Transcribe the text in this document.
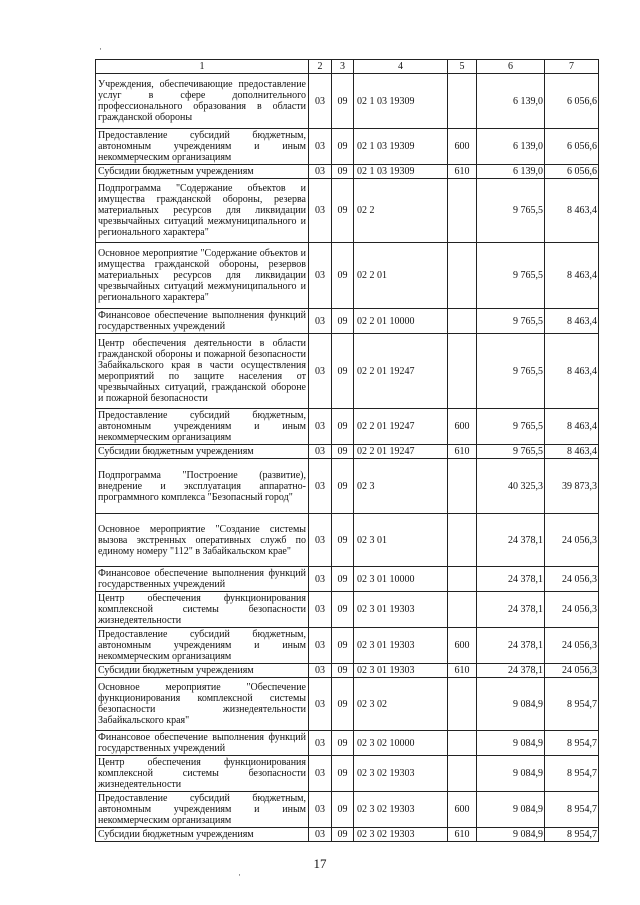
·
1	2	3	4	5	6	7
Учреждения, обеспечивающие предоставление услуг в сфере дополнительного профессионального образования в области гражданской обороны	03	09	02 1 03 19309		6 139,0	6 056,6
Предоставление субсидий бюджетным, автономным учреждениям и иным некоммерческим организациям	03	09	02 1 03 19309	600	6 139,0	6 056,6
Субсидии бюджетным учреждениям	03	09	02 1 03 19309	610	6 139,0	6 056,6
Подпрограмма "Содержание объектов и имущества гражданской обороны, резерва материальных ресурсов для ликвидации чрезвычайных ситуаций межмуниципального и регионального характера"	03	09	02 2		9 765,5	8 463,4
Основное мероприятие "Содержание объектов и имущества гражданской обороны, резервов материальных ресурсов для ликвидации чрезвычайных ситуаций межмуниципального и регионального характера"	03	09	02 2 01		9 765,5	8 463,4
Финансовое обеспечение выполнения функций государственных учреждений	03	09	02 2 01 10000		9 765,5	8 463,4
Центр обеспечения деятельности в области гражданской обороны и пожарной безопасности Забайкальского края в части осуществления мероприятий по защите населения от чрезвычайных ситуаций, гражданской обороне и пожарной безопасности	03	09	02 2 01 19247		9 765,5	8 463,4
Предоставление субсидий бюджетным, автономным учреждениям и иным некоммерческим организациям	03	09	02 2 01 19247	600	9 765,5	8 463,4
Субсидии бюджетным учреждениям	03	09	02 2 01 19247	610	9 765,5	8 463,4
Подпрограмма "Построение (развитие), внедрение и эксплуатация аппаратно-программного комплекса "Безопасный город"	03	09	02 3		40 325,3	39 873,3
Основное мероприятие "Создание системы вызова экстренных оперативных служб по единому номеру "112" в Забайкальском крае"	03	09	02 3 01		24 378,1	24 056,3
Финансовое обеспечение выполнения функций государственных учреждений	03	09	02 3 01 10000		24 378,1	24 056,3
Центр обеспечения функционирования комплексной системы безопасности жизнедеятельности	03	09	02 3 01 19303		24 378,1	24 056,3
Предоставление субсидий бюджетным, автономным учреждениям и иным некоммерческим организациям	03	09	02 3 01 19303	600	24 378,1	24 056,3
Субсидии бюджетным учреждениям	03	09	02 3 01 19303	610	24 378,1	24 056,3
Основное мероприятие "Обеспечение функционирования комплексной системы безопасности жизнедеятельности Забайкальского края"	03	09	02 3 02		9 084,9	8 954,7
Финансовое обеспечение выполнения функций государственных учреждений	03	09	02 3 02 10000		9 084,9	8 954,7
Центр обеспечения функционирования комплексной системы безопасности жизнедеятельности	03	09	02 3 02 19303		9 084,9	8 954,7
Предоставление субсидий бюджетным, автономным учреждениям и иным некоммерческим организациям	03	09	02 3 02 19303	600	9 084,9	8 954,7
Субсидии бюджетным учреждениям	03	09	02 3 02 19303	610	9 084,9	8 954,7
17
·
